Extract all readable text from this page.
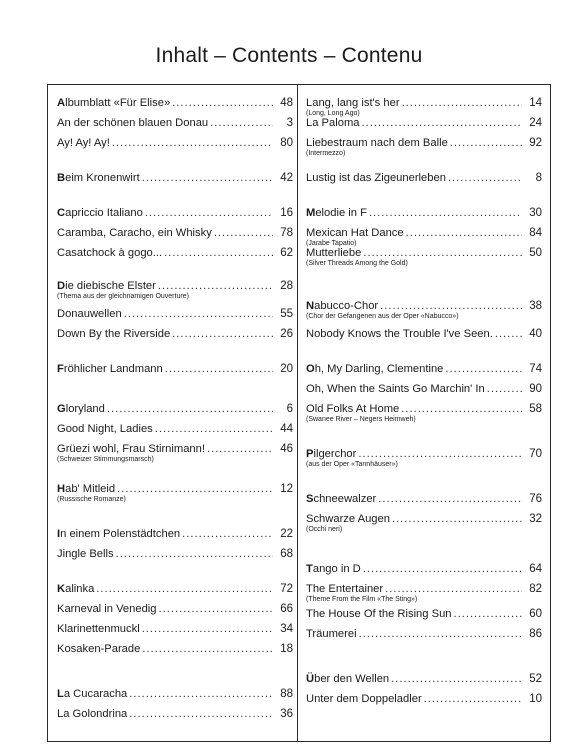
Inhalt – Contents – Contenu
Albumblatt «Für Elise» .....	48
An der schönen blauen Donau .....	3
Ay! Ay! Ay! .....	80
Beim Kronenwirt .....	42
Capriccio Italiano .....	16
Caramba, Caracho, ein Whisky .....	78
Casatchock à gogo... .....	62
Die diebische Elster .....	28
(Thema aus der gleichnamigen Ouverture)
Donauwellen .....	55
Down By the Riverside .....	26
Fröhlicher Landmann .....	20
Gloryland .....	6
Good Night, Ladies .....	44
Grüezi wohl, Frau Stirnimann! .....	46
(Schweizer Stimmungsmarsch)
Hab' Mitleid .....	12
(Russische Romanze)
In einem Polenstädtchen .....	22
Jingle Bells .....	68
Kalinka .....	72
Karneval in Venedig .....	66
Klarinettenmuckl .....	34
Kosaken-Parade .....	18
La Cucaracha .....	88
La Golondrina .....	36
Lang, lang ist's her .....	14
(Long, Long Ago)
La Paloma .....	24
Liebestraum nach dem Balle .....	92
(Intermezzo)
Lustig ist das Zigeunerleben .....	8
Melodie in F .....	30
Mexican Hat Dance .....	84
(Jarabe Tapatio)
Mutterliebe .....	50
(Silver Threads Among the Gold)
Nabucco-Chor .....	38
(Chor der Gefangenen aus der Oper «Nabucco»)
Nobody Knows the Trouble I've Seen. .....	40
Oh, My Darling, Clementine .....	74
Oh, When the Saints Go Marchin' In .....	90
Old Folks At Home .....	58
(Swanee River – Negers Heimweh)
Pilgerchor .....	70
(aus der Oper «Tannhäuser»)
Schneewalzer .....	76
Schwarze Augen .....	32
(Occhi neri)
Tango in D .....	64
The Entertainer .....	82
(Theme From the Film «The Sting»)
The House Of the Rising Sun .....	60
Träumerei .....	86
Über den Wellen .....	52
Unter dem Doppeladler .....	10
